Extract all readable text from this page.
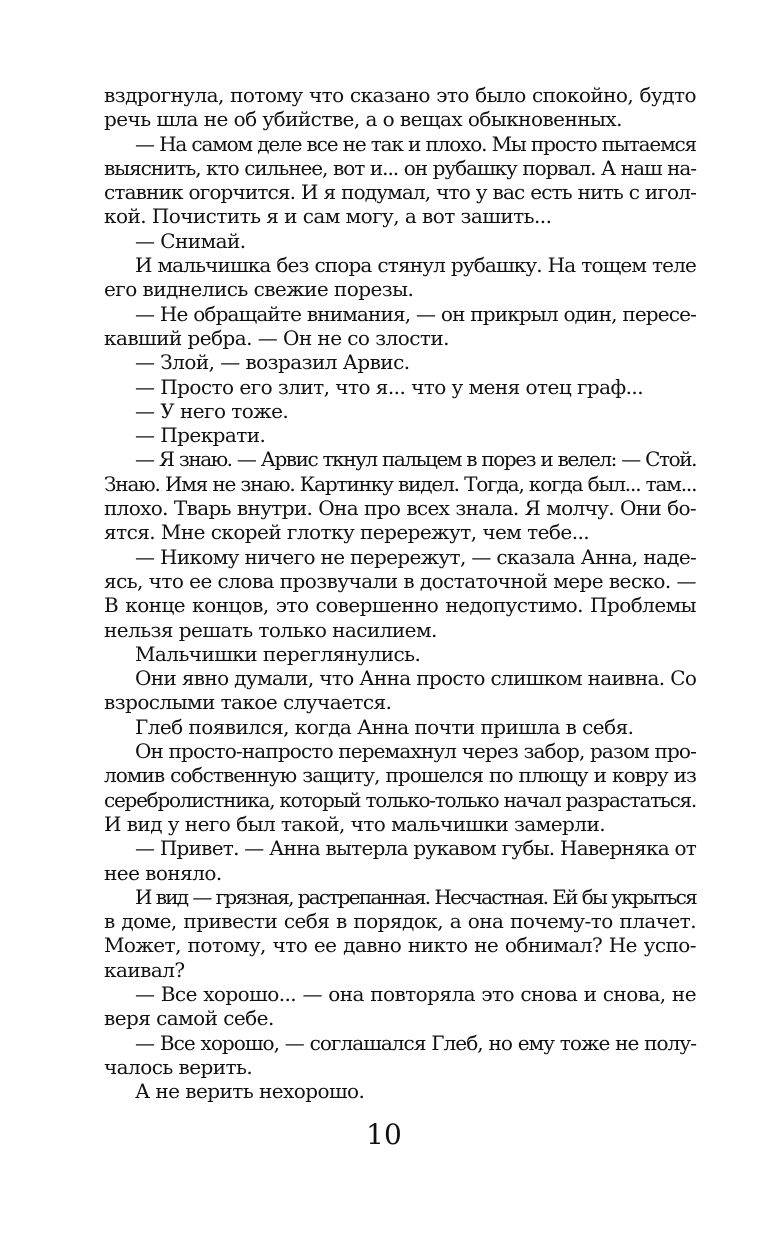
вздрогнула, потому что сказано это было спокойно, будто
речь шла не об убийстве, а о вещах обыкновенных.
— На самом деле все не так и плохо. Мы просто пытаемся
выяснить, кто сильнее, вот и... он рубашку порвал. А наш на-
ставник огорчится. И я подумал, что у вас есть нить с игол-
кой. Почистить я и сам могу, а вот зашить...
— Снимай.
И мальчишка без спора стянул рубашку. На тощем теле
его виднелись свежие порезы.
— Не обращайте внимания, — он прикрыл один, пересе-
кавший ребра. — Он не со злости.
— Злой, — возразил Арвис.
— Просто его злит, что я... что у меня отец граф...
— У него тоже.
— Прекрати.
— Я знаю. — Арвис ткнул пальцем в порез и велел: — Стой.
Знаю. Имя не знаю. Картинку видел. Тогда, когда был... там...
плохо. Тварь внутри. Она про всех знала. Я молчу. Они бо-
ятся. Мне скорей глотку перережут, чем тебе...
— Никому ничего не перережут, — сказала Анна, наде-
ясь, что ее слова прозвучали в достаточной мере веско. —
В конце концов, это совершенно недопустимо. Проблемы
нельзя решать только насилием.
Мальчишки переглянулись.
Они явно думали, что Анна просто слишком наивна. Со
взрослыми такое случается.
Глеб появился, когда Анна почти пришла в себя.
Он просто-напросто перемахнул через забор, разом про-
ломив собственную защиту, прошелся по плющу и ковру из
серебролистника, который только-только начал разрастаться.
И вид у него был такой, что мальчишки замерли.
— Привет. — Анна вытерла рукавом губы. Наверняка от
нее воняло.
И вид — грязная, растрепанная. Несчастная. Ей бы укрыться
в доме, привести себя в порядок, а она почему-то плачет.
Может, потому, что ее давно никто не обнимал? Не успо-
каивал?
— Все хорошо... — она повторяла это снова и снова, не
веря самой себе.
— Все хорошо, — соглашался Глеб, но ему тоже не полу-
чалось верить.
А не верить нехорошо.
10
